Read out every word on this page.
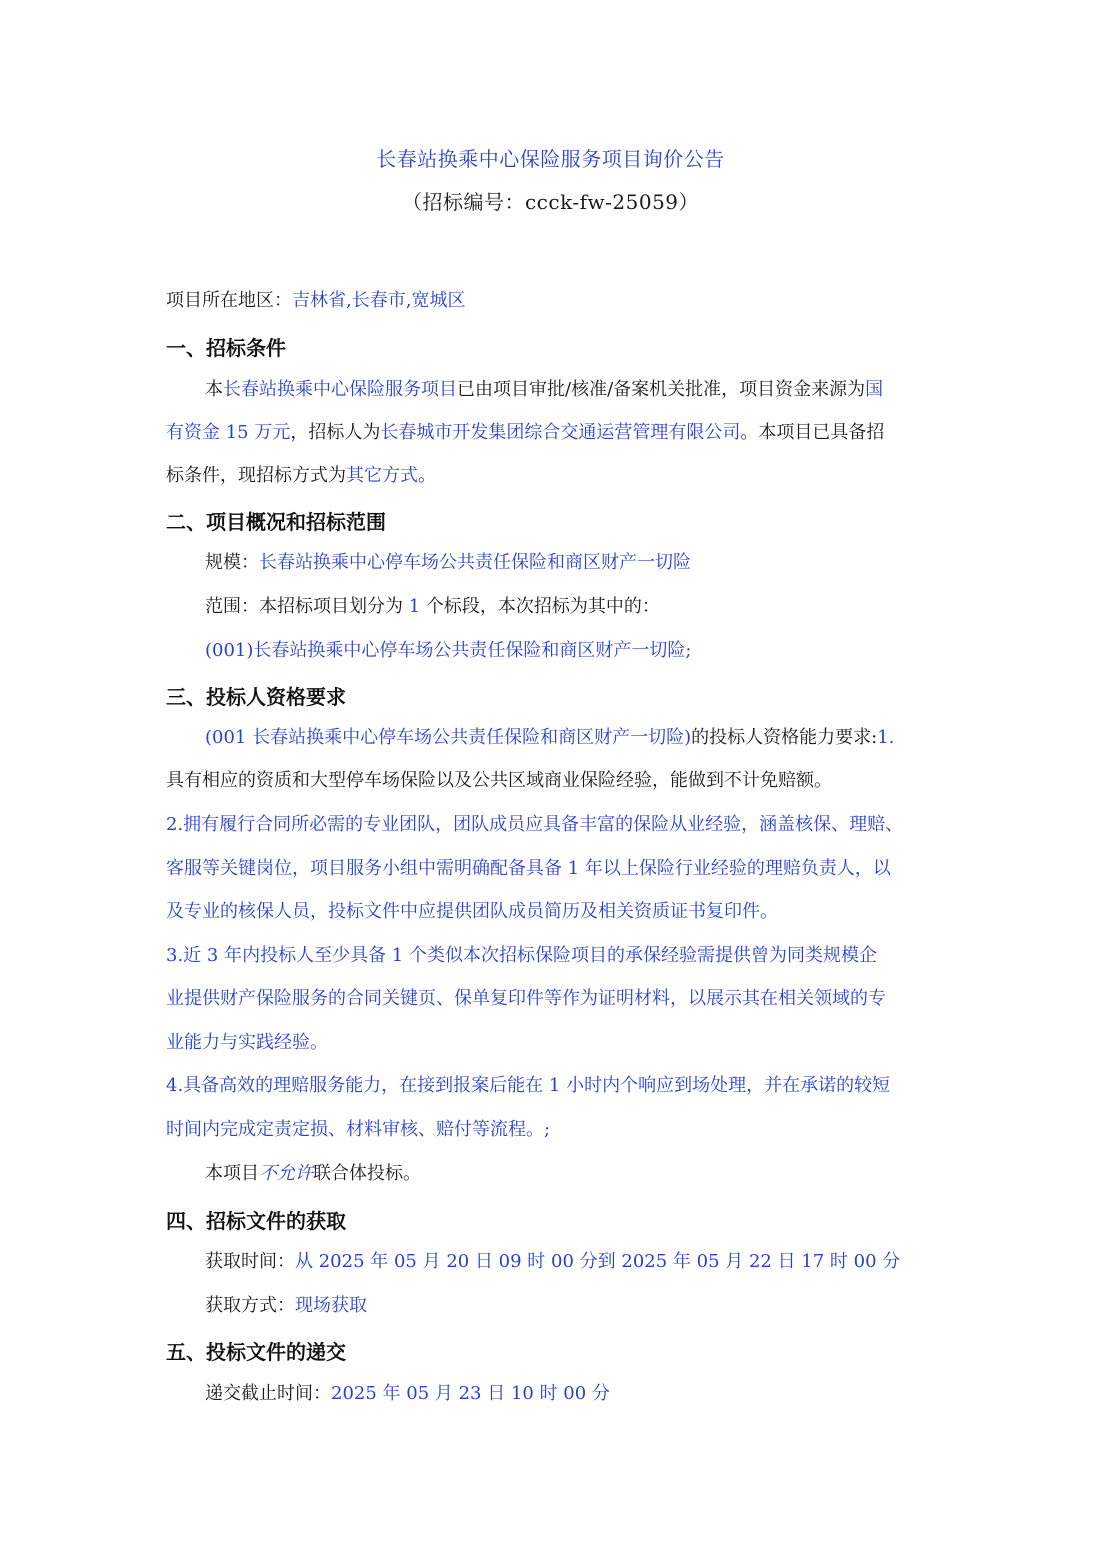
长春站换乘中心保险服务项目询价公告
（招标编号：ccck-fw-25059）
项目所在地区：吉林省,长春市,宽城区
一、招标条件
本长春站换乘中心保险服务项目已由项目审批/核准/备案机关批准，项目资金来源为国
有资金 15 万元，招标人为长春城市开发集团综合交通运营管理有限公司。本项目已具备招
标条件，现招标方式为其它方式。
二、项目概况和招标范围
规模：长春站换乘中心停车场公共责任保险和商区财产一切险
范围：本招标项目划分为 1 个标段，本次招标为其中的：
(001)长春站换乘中心停车场公共责任保险和商区财产一切险;
三、投标人资格要求
(001 长春站换乘中心停车场公共责任保险和商区财产一切险)的投标人资格能力要求:1.
具有相应的资质和大型停车场保险以及公共区域商业保险经验，能做到不计免赔额。
2.拥有履行合同所必需的专业团队，团队成员应具备丰富的保险从业经验，涵盖核保、理赔、
客服等关键岗位，项目服务小组中需明确配备具备 1 年以上保险行业经验的理赔负责人，以
及专业的核保人员，投标文件中应提供团队成员简历及相关资质证书复印件。
3.近 3 年内投标人至少具备 1 个类似本次招标保险项目的承保经验需提供曾为同类规模企
业提供财产保险服务的合同关键页、保单复印件等作为证明材料，以展示其在相关领域的专
业能力与实践经验。
4.具备高效的理赔服务能力，在接到报案后能在 1 小时内个响应到场处理，并在承诺的较短
时间内完成定责定损、材料审核、赔付等流程。;
本项目不允许联合体投标。
四、招标文件的获取
获取时间：从 2025 年 05 月 20 日 09 时 00 分到 2025 年 05 月 22 日 17 时 00 分
获取方式：现场获取
五、投标文件的递交
递交截止时间：2025 年 05 月 23 日 10 时 00 分
